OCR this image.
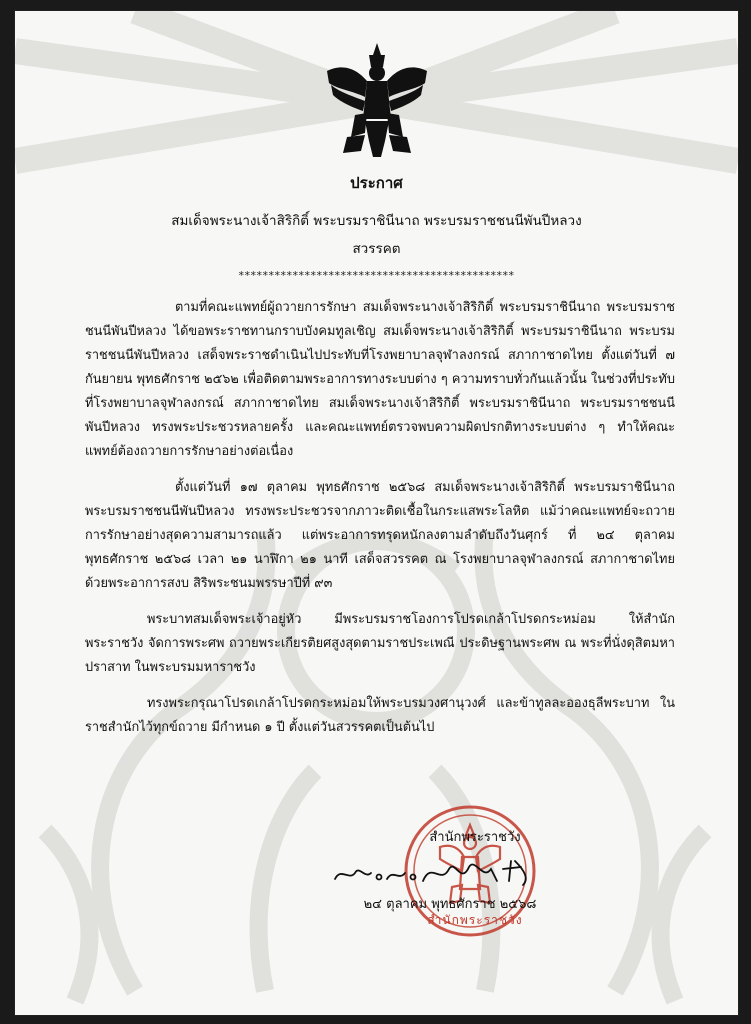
ประกาศ
สมเด็จพระนางเจ้าสิริกิติ์ พระบรมราชินีนาถ พระบรมราชชนนีพันปีหลวง
สวรรคต
**********************************************

ตามที่คณะแพทย์ผู้ถวายการรักษา สมเด็จพระนางเจ้าสิริกิติ์ พระบรมราชินีนาถ พระบรมราชชนนีพันปีหลวง ได้ขอพระราชทานกราบบังคมทูลเชิญ สมเด็จพระนางเจ้าสิริกิติ์ พระบรมราชินีนาถ พระบรมราชชนนีพันปีหลวง เสด็จพระราชดำเนินไปประทับที่โรงพยาบาลจุฬาลงกรณ์ สภากาชาดไทย ตั้งแต่วันที่ ๗ กันยายน พุทธศักราช ๒๕๖๒ เพื่อติดตามพระอาการทางระบบต่าง ๆ ความทราบทั่วกันแล้วนั้น ในช่วงที่ประทับที่โรงพยาบาลจุฬาลงกรณ์ สภากาชาดไทย สมเด็จพระนางเจ้าสิริกิติ์ พระบรมราชินีนาถ พระบรมราชชนนีพันปีหลวง ทรงพระประชวรหลายครั้ง และคณะแพทย์ตรวจพบความผิดปรกติทางระบบต่าง ๆ ทำให้คณะแพทย์ต้องถวายการรักษาอย่างต่อเนื่อง

ตั้งแต่วันที่ ๑๗ ตุลาคม พุทธศักราช ๒๕๖๘ สมเด็จพระนางเจ้าสิริกิติ์ พระบรมราชินีนาถ พระบรมราชชนนีพันปีหลวง ทรงพระประชวรจากภาวะติดเชื้อในกระแสพระโลหิต แม้ว่าคณะแพทย์จะถวายการรักษาอย่างสุดความสามารถแล้ว แต่พระอาการทรุดหนักลงตามลำดับถึงวันศุกร์ ที่ ๒๔ ตุลาคม พุทธศักราช ๒๕๖๘ เวลา ๒๑ นาฬิกา ๒๑ นาที เสด็จสวรรคต ณ โรงพยาบาลจุฬาลงกรณ์ สภากาชาดไทย ด้วยพระอาการสงบ สิริพระชนมพรรษาปีที่ ๙๓

พระบาทสมเด็จพระเจ้าอยู่หัว มีพระบรมราชโองการโปรดเกล้าโปรดกระหม่อม ให้สำนักพระราชวัง จัดการพระศพ ถวายพระเกียรติยศสูงสุดตามราชประเพณี ประดิษฐานพระศพ ณ พระที่นั่งดุสิตมหาปราสาท ในพระบรมมหาราชวัง

ทรงพระกรุณาโปรดเกล้าโปรดกระหม่อมให้พระบรมวงศานุวงศ์ และข้าทูลละอองธุลีพระบาท ในราชสำนักไว้ทุกข์ถวาย มีกำหนด ๑ ปี ตั้งแต่วันสวรรคตเป็นต้นไป

สำนักพระราชวัง
สำนักพระราชวัง
๒๔ ตุลาคม พุทธศักราช ๒๕๖๘
